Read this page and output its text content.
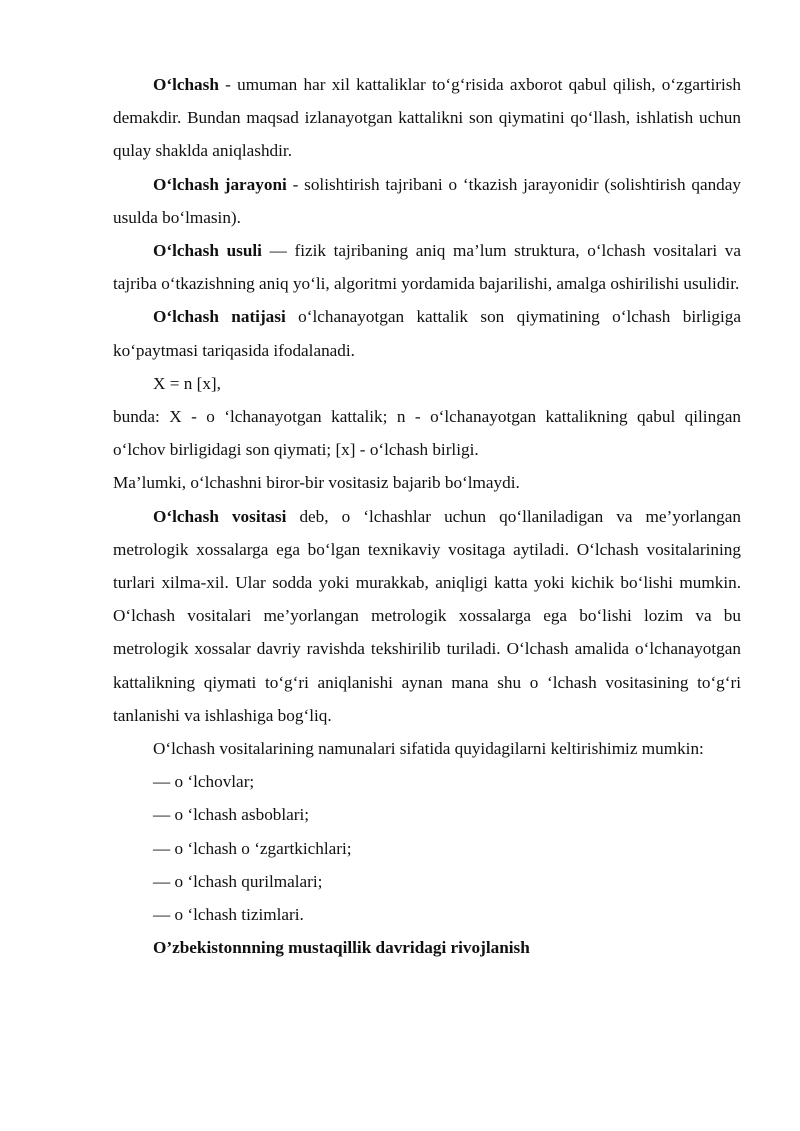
O‘lchash - umuman har xil kattaliklar to‘g‘risida axborot qabul qilish, o‘zgartirish demakdir. Bundan maqsad izlanayotgan kattalikni son qiymatini qo‘llash, ishlatish uchun qulay shaklda aniqlashdir.

O‘lchash jarayoni - solishtirish tajribani o ‘tkazish jarayonidir (solishtirish qanday usulda bo‘lmasin).

O‘lchash usuli — fizik tajribaning aniq ma’lum struktura, o‘lchash vositalari va tajriba o‘tkazishning aniq yo‘li, algoritmi yordamida bajarilishi, amalga oshirilishi usulidir.

O‘lchash natijasi o‘lchanayotgan kattalik son qiymatining o‘lchash birligiga ko‘paytmasi tariqasida ifodalanadi.

X = n [x],

bunda: X - o ‘lchanayotgan kattalik; n - o‘lchanayotgan kattalikning qabul qilingan o‘lchov birligidagi son qiymati; [x] - o‘lchash birligi.

Ma’lumki, o‘lchashni biror-bir vositasiz bajarib bo‘lmaydi.

O‘lchash vositasi deb, o ‘lchashlar uchun qo‘llaniladigan va me’yorlangan metrologik xossalarga ega bo‘lgan texnikaviy vositaga aytiladi. O‘lchash vositalarining turlari xilma-xil. Ular sodda yoki murakkab, aniqligi katta yoki kichik bo‘lishi mumkin. O‘lchash vositalari me’yorlangan metrologik xossalarga ega bo‘lishi lozim va bu metrologik xossalar davriy ravishda tekshirilib turiladi. O‘lchash amalida o‘lchanayotgan kattalikning qiymati to‘g‘ri aniqlanishi aynan mana shu o ‘lchash vositasining to‘g‘ri tanlanishi va ishlashiga bog‘liq.

O‘lchash vositalarining namunalari sifatida quyidagilarni keltirishimiz mumkin:

— o ‘lchovlar;

— o ‘lchash asboblari;

— o ‘lchash o ‘zgartkichlari;

— o ‘lchash qurilmalari;

— o ‘lchash tizimlari.

O’zbekistonnning mustaqillik davridagi rivojlanish
